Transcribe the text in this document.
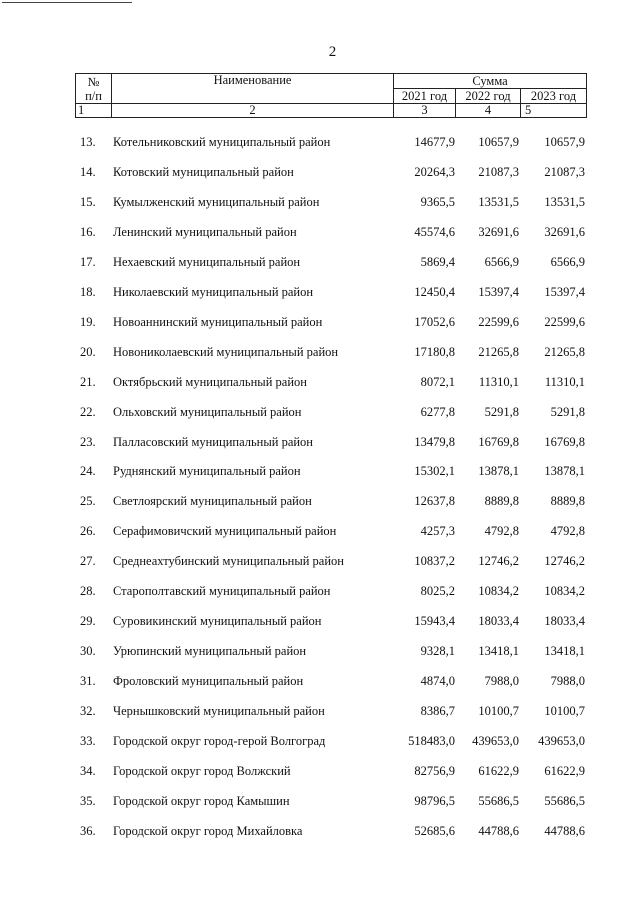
2
№
п/п	Наименование	Сумма		
		2021 год	2022 год	2023 год
1	2	3	4	5
13. Котельниковский муниципальный район	14677,9	10657,9	10657,9
14. Котовский муниципальный район	20264,3	21087,3	21087,3
15. Кумылженский муниципальный район	9365,5	13531,5	13531,5
16. Ленинский муниципальный район	45574,6	32691,6	32691,6
17. Нехаевский муниципальный район	5869,4	6566,9	6566,9
18. Николаевский муниципальный район	12450,4	15397,4	15397,4
19. Новоаннинский муниципальный район	17052,6	22599,6	22599,6
20. Новониколаевский муниципальный район	17180,8	21265,8	21265,8
21. Октябрьский муниципальный район	8072,1	11310,1	11310,1
22. Ольховский муниципальный район	6277,8	5291,8	5291,8
23. Палласовский муниципальный район	13479,8	16769,8	16769,8
24. Руднянский муниципальный район	15302,1	13878,1	13878,1
25. Светлоярский муниципальный район	12637,8	8889,8	8889,8
26. Серафимовичский муниципальный район	4257,3	4792,8	4792,8
27. Среднеахтубинский муниципальный район	10837,2	12746,2	12746,2
28. Старополтавский муниципальный район	8025,2	10834,2	10834,2
29. Суровикинский муниципальный район	15943,4	18033,4	18033,4
30. Урюпинский муниципальный район	9328,1	13418,1	13418,1
31. Фроловский муниципальный район	4874,0	7988,0	7988,0
32. Чернышковский муниципальный район	8386,7	10100,7	10100,7
33. Городской округ город-герой Волгоград	518483,0	439653,0	439653,0
34. Городской округ город Волжский	82756,9	61622,9	61622,9
35. Городской округ город Камышин	98796,5	55686,5	55686,5
36. Городской округ город Михайловка	52685,6	44788,6	44788,6
